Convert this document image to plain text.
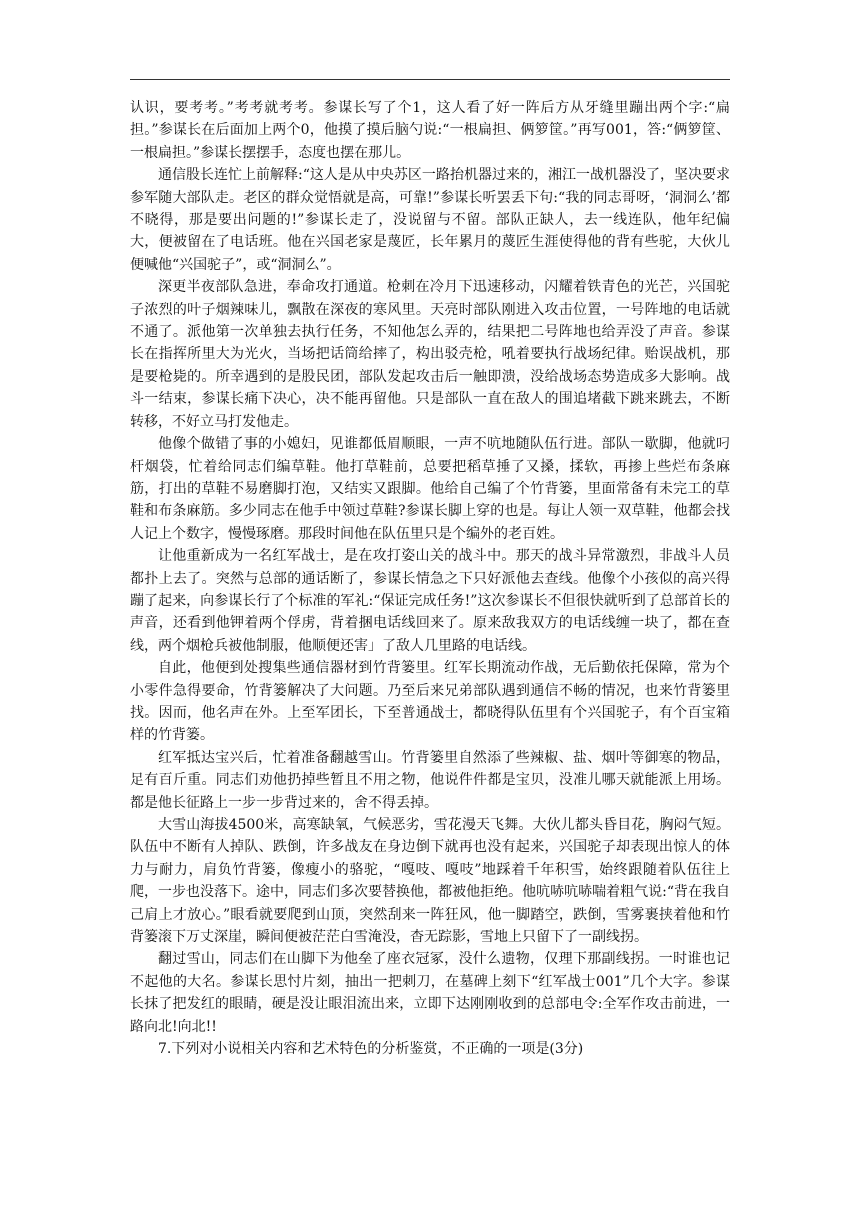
认识，要考考。”考考就考考。参谋长写了个1，这人看了好一阵后方从牙缝里蹦出两个字:“扁担。”参谋长在后面加上两个0，他摸了摸后脑勺说:“一根扁担、俩箩筐。”再写001，答:“俩箩筐、一根扁担。”参谋长摆摆手，态度也摆在那儿。

通信股长连忙上前解释:“这人是从中央苏区一路抬机器过来的，湘江一战机器没了，坚决要求参军随大部队走。老区的群众觉悟就是高，可靠!”参谋长听罢丢下句:“我的同志哥呀，‘洞洞么’都不晓得，那是要出问题的!”参谋长走了，没说留与不留。部队正缺人，去一线连队，他年纪偏大，便被留在了电话班。他在兴国老家是蔑匠，长年累月的蔑匠生涯使得他的背有些驼，大伙儿便喊他“兴国驼子”，或“洞洞么”。

深更半夜部队急进，奉命攻打通道。枪刺在冷月下迅速移动，闪耀着铁青色的光芒，兴国驼子浓烈的叶子烟辣味儿，飘散在深夜的寒风里。天亮时部队刚进入攻击位置，一号阵地的电话就不通了。派他第一次单独去执行任务，不知他怎么弄的，结果把二号阵地也给弄没了声音。参谋长在指挥所里大为光火，当场把话筒给摔了，构出驳壳枪，吼着要执行战场纪律。贻误战机，那是要枪毙的。所幸遇到的是股民团，部队发起攻击后一触即溃，没给战场态势造成多大影响。战斗一结束，参谋长痛下决心，决不能再留他。只是部队一直在敌人的围追堵截下跳来跳去，不断转移，不好立马打发他走。

他像个做错了事的小媳妇，见谁都低眉顺眼，一声不吭地随队伍行进。部队一歇脚，他就叼杆烟袋，忙着给同志们编草鞋。他打草鞋前，总要把稻草捶了又搡，揉软，再掺上些烂布条麻筋，打出的草鞋不易磨脚打泡，又结实又跟脚。他给自己编了个竹背篓，里面常备有未完工的草鞋和布条麻筋。多少同志在他手中领过草鞋?参谋长脚上穿的也是。每让人领一双草鞋，他都会找人记上个数字，慢慢琢磨。那段时间他在队伍里只是个编外的老百姓。

让他重新成为一名红军战士，是在攻打姿山关的战斗中。那天的战斗异常激烈，非战斗人员都扑上去了。突然与总部的通话断了，参谋长情急之下只好派他去查线。他像个小孩似的高兴得蹦了起来，向参谋长行了个标准的军礼:“保证完成任务!”这次参谋长不但很快就听到了总部首长的声音，还看到他钾着两个俘虏，背着捆电话线回来了。原来敌我双方的电话线缠一块了，都在查线，两个烟枪兵被他制服，他顺便还害」了敌人几里路的电话线。

自此，他便到处搜集些通信器材到竹背篓里。红军长期流动作战，无后勤依托保障，常为个小零件急得要命，竹背篓解决了大问题。乃至后来兄弟部队遇到通信不畅的情况，也来竹背篓里找。因而，他名声在外。上至军团长，下至普通战士，都晓得队伍里有个兴国驼子，有个百宝箱样的竹背篓。

红军抵达宝兴后，忙着准备翻越雪山。竹背篓里自然添了些辣椒、盐、烟叶等御寒的物品，足有百斤重。同志们劝他扔掉些暂且不用之物，他说件件都是宝贝，没准儿哪天就能派上用场。都是他长征路上一步一步背过来的，舍不得丢掉。

大雪山海拔4500米，高寒缺氧，气候恶劣，雪花漫天飞舞。大伙儿都头昏目花，胸闷气短。队伍中不断有人掉队、跌倒，许多战友在身边倒下就再也没有起来，兴国驼子却表现出惊人的体力与耐力，肩负竹背篓，像瘦小的骆驼，“嘎吱、嘎吱”地踩着千年积雪，始终跟随着队伍往上爬，一步也没落下。途中，同志们多次要替换他，都被他拒绝。他吭哧吭哧喘着粗气说:“背在我自己肩上才放心。”眼看就要爬到山顶，突然刮来一阵狂风，他一脚踏空，跌倒，雪雾裹挟着他和竹背篓滚下万丈深崖，瞬间便被茫茫白雪淹没，杳无踪影，雪地上只留下了一副线拐。

翻过雪山，同志们在山脚下为他垒了座衣冠冢，没什么遗物，仅理下那副线拐。一时谁也记不起他的大名。参谋长思忖片刻，抽出一把刺刀，在墓碑上刻下“红军战士001”几个大字。参谋长抹了把发红的眼睛，硬是没让眼泪流出来，立即下达刚刚收到的总部电令:全军作攻击前进，一路向北!向北!!

7.下列对小说相关内容和艺术特色的分析鉴赏，不正确的一项是(3分)
